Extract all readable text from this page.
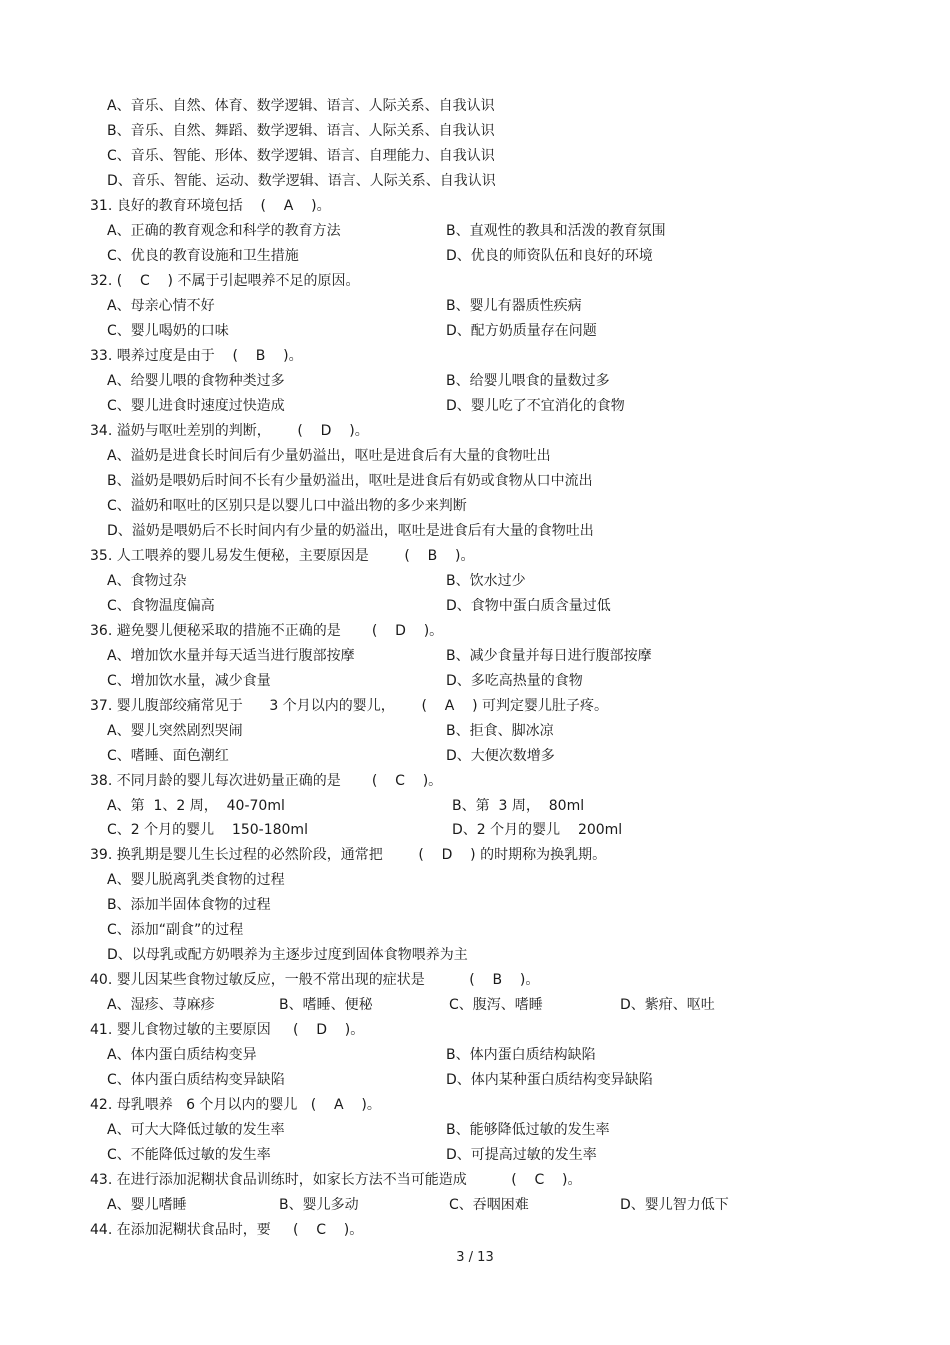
A、音乐、自然、体育、数学逻辑、语言、人际关系、自我认识
B、音乐、自然、舞蹈、数学逻辑、语言、人际关系、自我认识
C、音乐、智能、形体、数学逻辑、语言、自理能力、自我认识
D、音乐、智能、运动、数学逻辑、语言、人际关系、自我认识
31. 良好的教育环境包括    (    A    )。
A、正确的教育观念和科学的教育方法	B、直观性的教具和活泼的教育氛围
C、优良的教育设施和卫生措施	D、优良的师资队伍和良好的环境
32. (    C    ) 不属于引起喂养不足的原因。
A、母亲心情不好	B、婴儿有器质性疾病
C、婴儿喝奶的口味	D、配方奶质量存在问题
33. 喂养过度是由于    (    B    )。
A、给婴儿喂的食物种类过多	B、给婴儿喂食的量数过多
C、婴儿进食时速度过快造成	D、婴儿吃了不宜消化的食物
34. 溢奶与呕吐差别的判断，      (    D    )。
A、溢奶是进食长时间后有少量奶溢出，呕吐是进食后有大量的食物吐出
B、溢奶是喂奶后时间不长有少量奶溢出，呕吐是进食后有奶或食物从口中流出
C、溢奶和呕吐的区别只是以婴儿口中溢出物的多少来判断
D、溢奶是喂奶后不长时间内有少量的奶溢出，呕吐是进食后有大量的食物吐出
35. 人工喂养的婴儿易发生便秘，主要原因是        (    B    )。
A、食物过杂	B、饮水过少
C、食物温度偏高	D、食物中蛋白质含量过低
36. 避免婴儿便秘采取的措施不正确的是       (    D    )。
A、增加饮水量并每天适当进行腹部按摩	B、减少食量并每日进行腹部按摩
C、增加饮水量，减少食量	D、多吃高热量的食物
37. 婴儿腹部绞痛常见于      3 个月以内的婴儿，      (    A    ) 可判定婴儿肚子疼。
A、婴儿突然剧烈哭闹	B、拒食、脚冰凉
C、嗜睡、面色潮红	D、大便次数增多
38. 不同月龄的婴儿每次进奶量正确的是       (    C    )。
A、第  1、2 周，  40-70ml	B、第  3 周，  80ml
C、2 个月的婴儿    150-180ml	D、2 个月的婴儿    200ml
39. 换乳期是婴儿生长过程的必然阶段，通常把        (    D    ) 的时期称为换乳期。
A、婴儿脱离乳类食物的过程
B、添加半固体食物的过程
C、添加“副食”的过程
D、以母乳或配方奶喂养为主逐步过度到固体食物喂养为主
40. 婴儿因某些食物过敏反应，一般不常出现的症状是          (    B    )。
A、湿疹、荨麻疹	B、嗜睡、便秘	C、腹泻、嗜睡	D、紫疳、呕吐
41. 婴儿食物过敏的主要原因     (    D    )。
A、体内蛋白质结构变异	B、体内蛋白质结构缺陷
C、体内蛋白质结构变异缺陷	D、体内某种蛋白质结构变异缺陷
42. 母乳喂养   6 个月以内的婴儿   (    A    )。
A、可大大降低过敏的发生率	B、能够降低过敏的发生率
C、不能降低过敏的发生率	D、可提高过敏的发生率
43. 在进行添加泥糊状食品训练时，如家长方法不当可能造成          (    C    )。
A、婴儿嗜睡	B、婴儿多动	C、吞咽困难	D、婴儿智力低下
44. 在添加泥糊状食品时，要     (    C    )。
3 / 13
